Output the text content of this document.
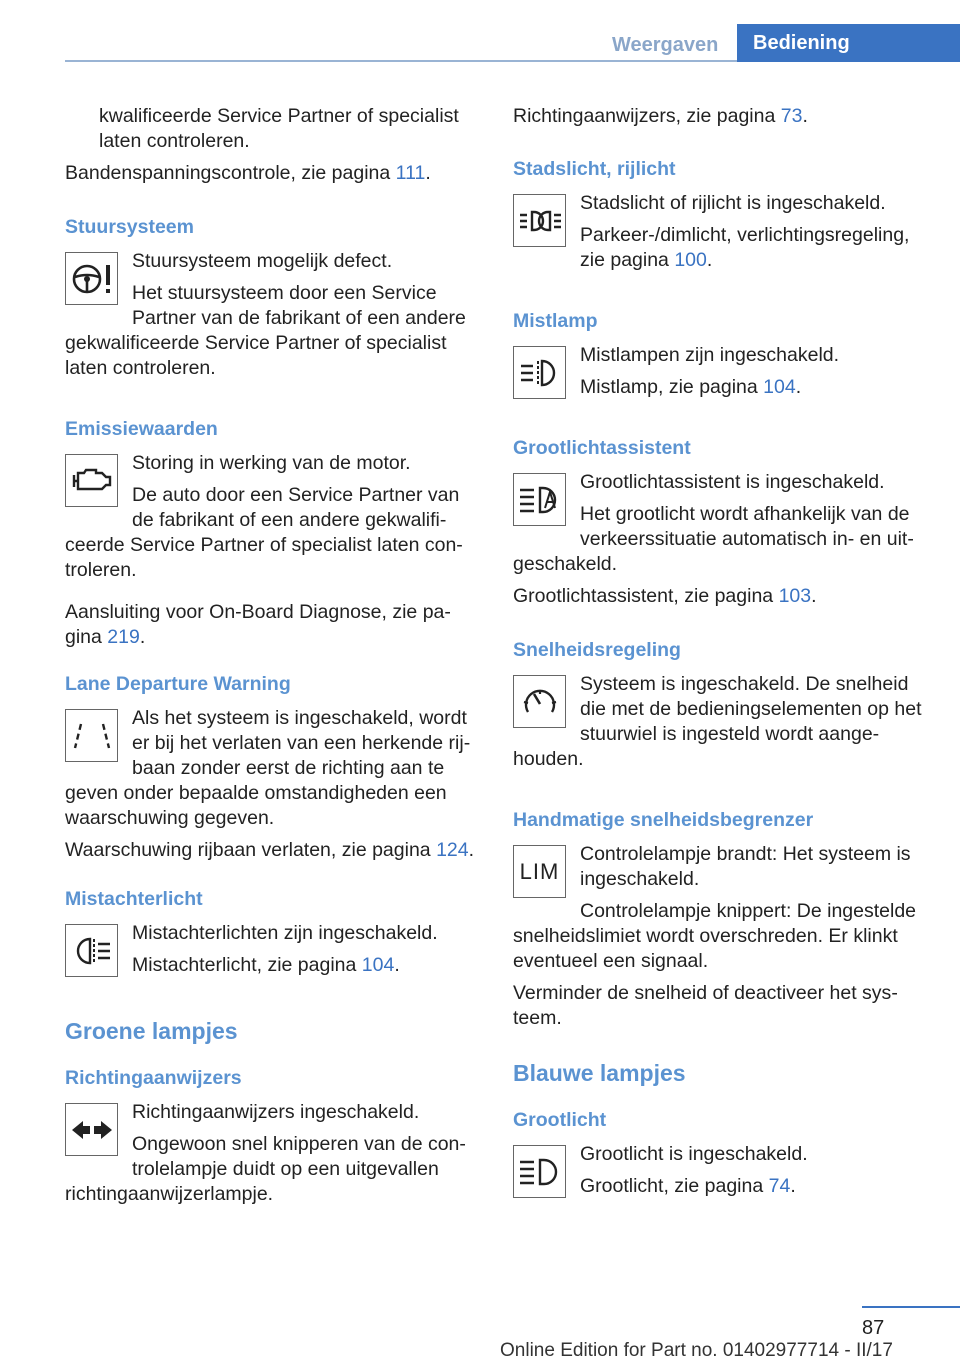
Weergaven	Bediening

kwalificeerde Service Partner of specialist laten controleren.

Bandenspanningscontrole, zie pagina 111.

Stuursysteem

Stuursysteem mogelijk defect.

Het stuursysteem door een Service Partner van de fabrikant of een andere gekwalificeerde Service Partner of specialist laten controleren.

Emissiewaarden

Storing in werking van de motor.

De auto door een Service Partner van de fabrikant of een andere gekwalificeerde Service Partner of specialist laten controleren.

Aansluiting voor On-Board Diagnose, zie pagina 219.

Lane Departure Warning

Als het systeem is ingeschakeld, wordt er bij het verlaten van een herkende rijbaan zonder eerst de richting aan te geven onder bepaalde omstandigheden een waarschuwing gegeven.

Waarschuwing rijbaan verlaten, zie pagina 124.

Mistachterlicht

Mistachterlichten zijn ingeschakeld.

Mistachterlicht, zie pagina 104.

Groene lampjes
Richtingaanwijzers

Richtingaanwijzers ingeschakeld.

Ongewoon snel knipperen van de controlelampje duidt op een uitgevallen richtingaanwijzerlampje.

Richtingaanwijzers, zie pagina 73.

Stadslicht, rijlicht

Stadslicht of rijlicht is ingeschakeld.

Parkeer-/dimlicht, verlichtingsregeling, zie pagina 100.

Mistlamp

Mistlampen zijn ingeschakeld.

Mistlamp, zie pagina 104.

Grootlichtassistent

Grootlichtassistent is ingeschakeld.

Het grootlicht wordt afhankelijk van de verkeerssituatie automatisch in- en uitgeschakeld.

Grootlichtassistent, zie pagina 103.

Snelheidsregeling

Systeem is ingeschakeld. De snelheid die met de bedieningselementen op het stuurwiel is ingesteld wordt aangehouden.

Handmatige snelheidsbegrenzer
LIM

Controlelampje brandt: Het systeem is ingeschakeld.

Controlelampje knippert: De ingestelde snelheidslimiet wordt overschreden. Er klinkt eventueel een signaal.

Verminder de snelheid of deactiveer het systeem.

Blauwe lampjes
Grootlicht

Grootlicht is ingeschakeld.

Grootlicht, zie pagina 74.

87
Online Edition for Part no. 01402977714 - II/17
